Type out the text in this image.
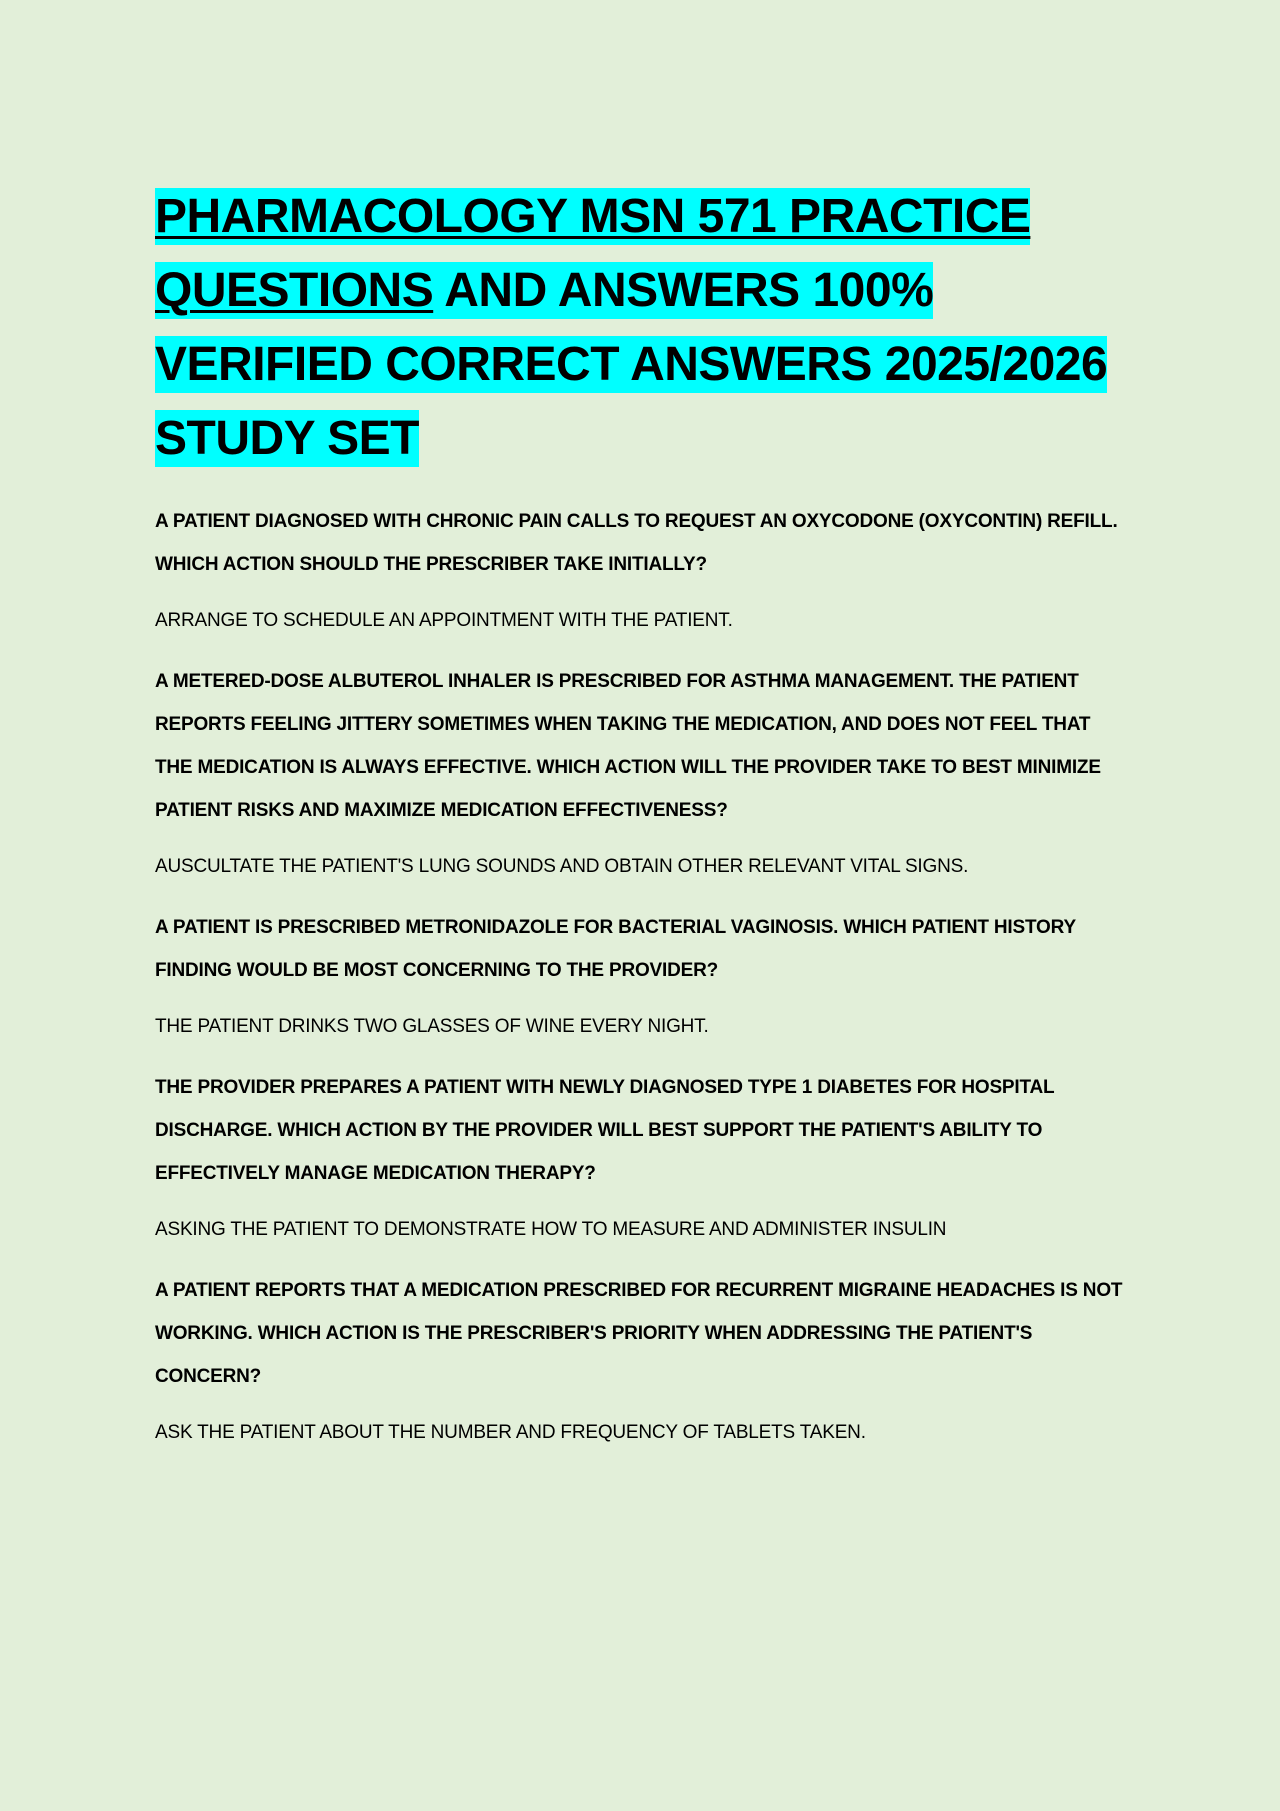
PHARMACOLOGY MSN 571 PRACTICE QUESTIONS AND ANSWERS 100% VERIFIED CORRECT ANSWERS 2025/2026 STUDY SET

A PATIENT DIAGNOSED WITH CHRONIC PAIN CALLS TO REQUEST AN OXYCODONE (OXYCONTIN) REFILL. WHICH ACTION SHOULD THE PRESCRIBER TAKE INITIALLY?

ARRANGE TO SCHEDULE AN APPOINTMENT WITH THE PATIENT.

A METERED-DOSE ALBUTEROL INHALER IS PRESCRIBED FOR ASTHMA MANAGEMENT. THE PATIENT REPORTS FEELING JITTERY SOMETIMES WHEN TAKING THE MEDICATION, AND DOES NOT FEEL THAT THE MEDICATION IS ALWAYS EFFECTIVE. WHICH ACTION WILL THE PROVIDER TAKE TO BEST MINIMIZE PATIENT RISKS AND MAXIMIZE MEDICATION EFFECTIVENESS?

AUSCULTATE THE PATIENT'S LUNG SOUNDS AND OBTAIN OTHER RELEVANT VITAL SIGNS.

A PATIENT IS PRESCRIBED METRONIDAZOLE FOR BACTERIAL VAGINOSIS. WHICH PATIENT HISTORY FINDING WOULD BE MOST CONCERNING TO THE PROVIDER?

THE PATIENT DRINKS TWO GLASSES OF WINE EVERY NIGHT.

THE PROVIDER PREPARES A PATIENT WITH NEWLY DIAGNOSED TYPE 1 DIABETES FOR HOSPITAL DISCHARGE. WHICH ACTION BY THE PROVIDER WILL BEST SUPPORT THE PATIENT'S ABILITY TO EFFECTIVELY MANAGE MEDICATION THERAPY?

ASKING THE PATIENT TO DEMONSTRATE HOW TO MEASURE AND ADMINISTER INSULIN

A PATIENT REPORTS THAT A MEDICATION PRESCRIBED FOR RECURRENT MIGRAINE HEADACHES IS NOT WORKING. WHICH ACTION IS THE PRESCRIBER'S PRIORITY WHEN ADDRESSING THE PATIENT'S CONCERN?

ASK THE PATIENT ABOUT THE NUMBER AND FREQUENCY OF TABLETS TAKEN.
